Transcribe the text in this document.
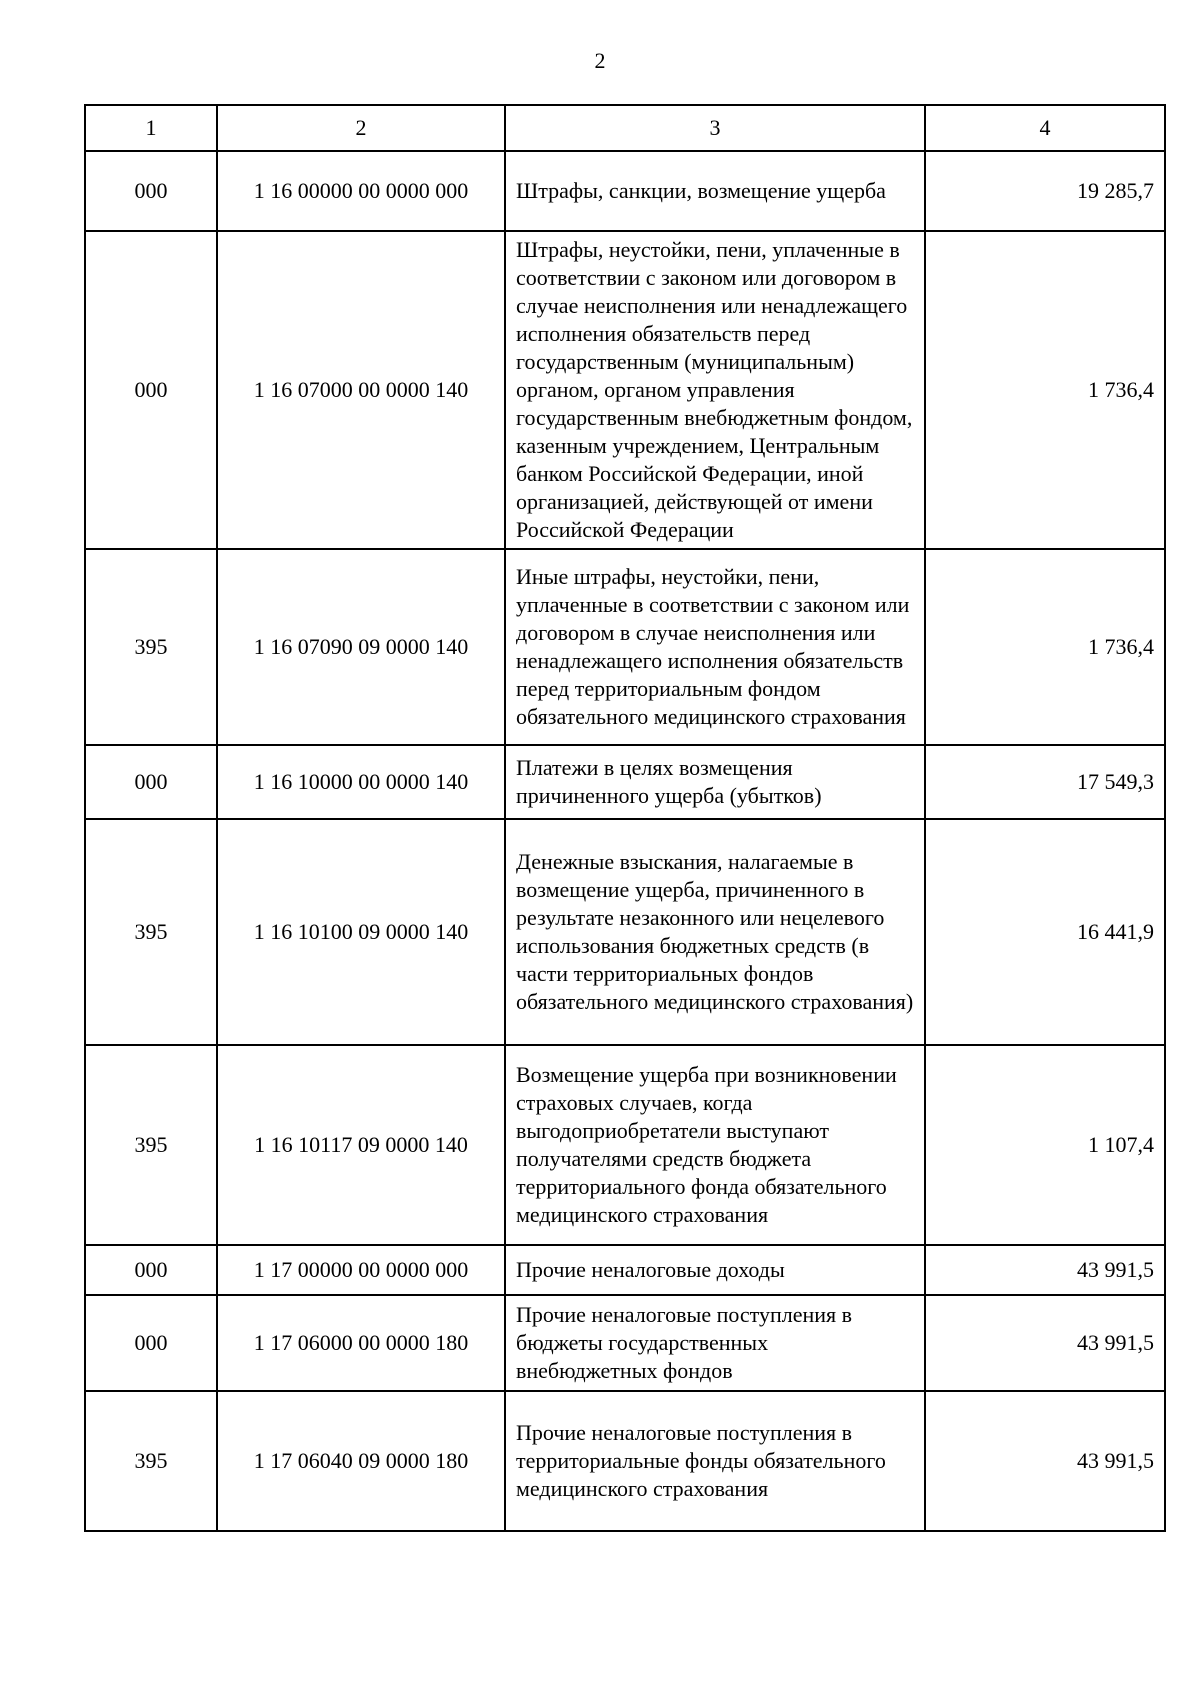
2
1	2	3	4
000	1 16 00000 00 0000 000	Штрафы, санкции, возмещение ущерба	19 285,7
000	1 16 07000 00 0000 140	Штрафы, неустойки, пени, уплаченные в соответствии с законом или договором в случае неисполнения или ненадлежащего исполнения обязательств перед государственным (муниципальным) органом, органом управления государственным внебюджетным фондом, казенным учреждением, Центральным банком Российской Федерации, иной организацией, действующей от имени Российской Федерации	1 736,4
395	1 16 07090 09 0000 140	Иные штрафы, неустойки, пени, уплаченные в соответствии с законом или договором в случае неисполнения или ненадлежащего исполнения обязательств перед территориальным фондом обязательного медицинского страхования	1 736,4
000	1 16 10000 00 0000 140	Платежи в целях возмещения причиненного ущерба (убытков)	17 549,3
395	1 16 10100 09 0000 140	Денежные взыскания, налагаемые в возмещение ущерба, причиненного в результате незаконного или нецелевого использования бюджетных средств (в части территориальных фондов обязательного медицинского страхования)	16 441,9
395	1 16 10117 09 0000 140	Возмещение ущерба при возникновении страховых случаев, когда выгодоприобретатели выступают получателями средств бюджета территориального фонда обязательного медицинского страхования	1 107,4
000	1 17 00000 00 0000 000	Прочие неналоговые доходы	43 991,5
000	1 17 06000 00 0000 180	Прочие неналоговые поступления в бюджеты государственных внебюджетных фондов	43 991,5
395	1 17 06040 09 0000 180	Прочие неналоговые поступления в территориальные фонды обязательного медицинского страхования	43 991,5
